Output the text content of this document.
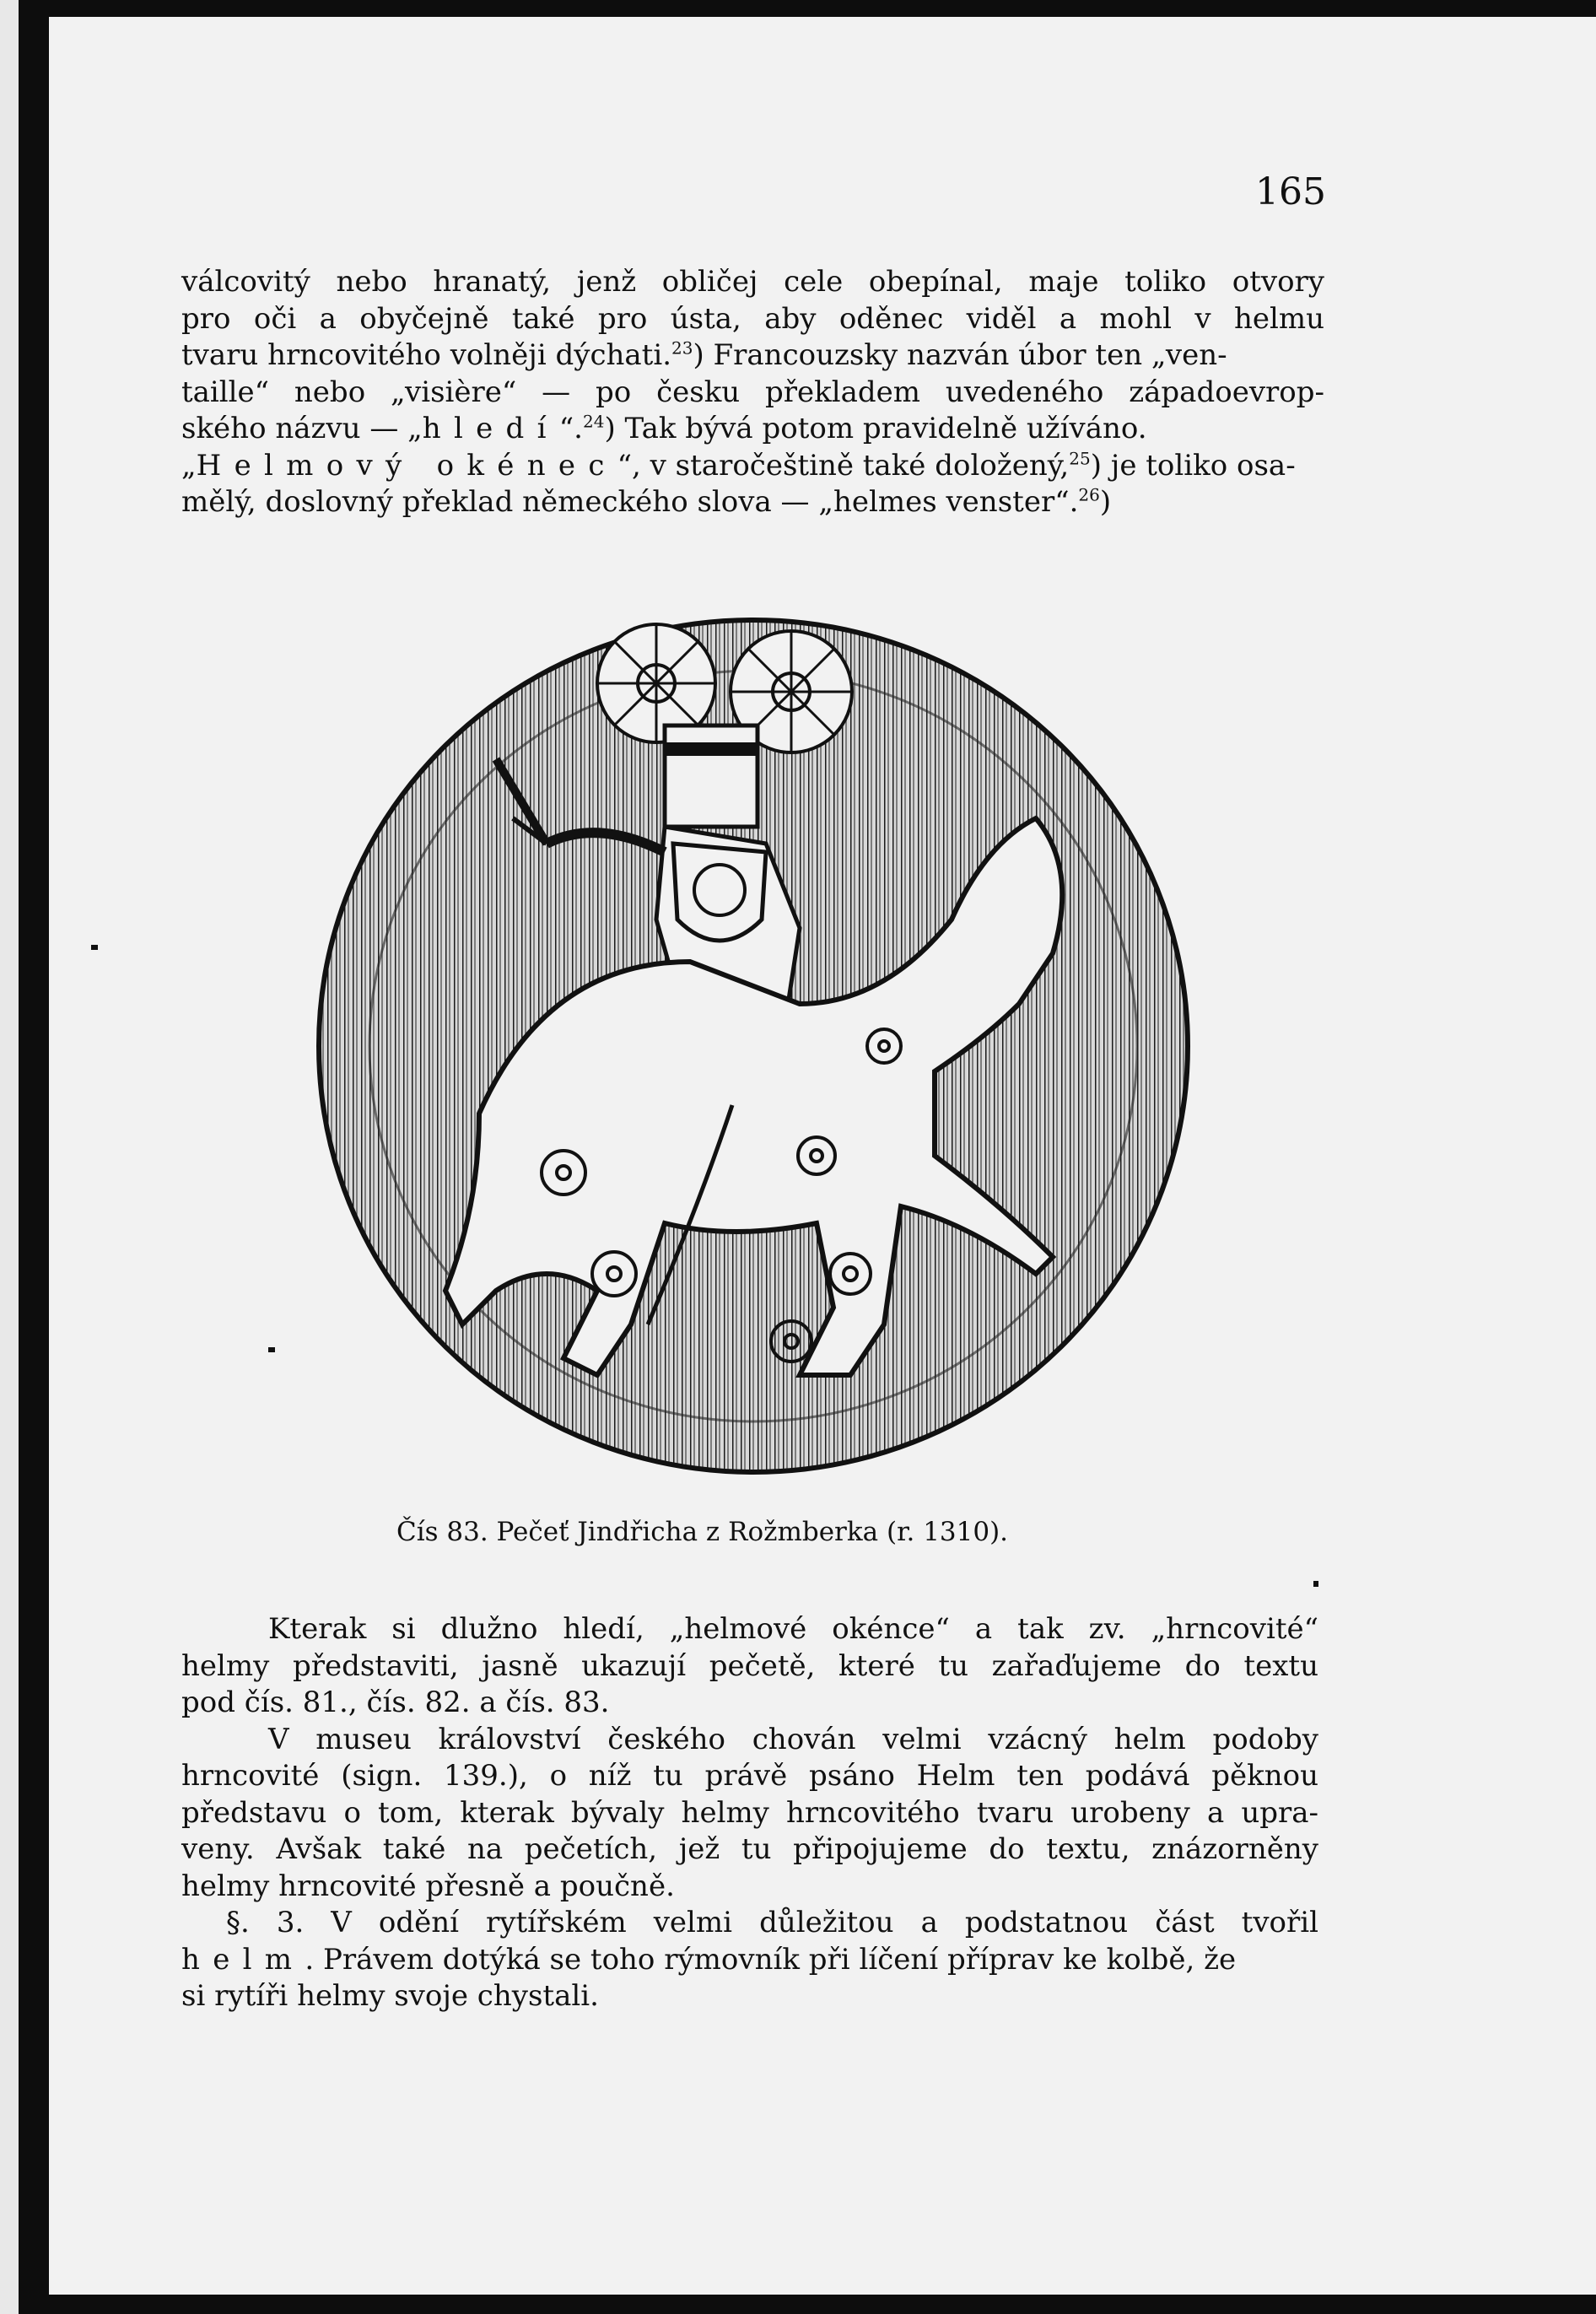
165

válcovitý nebo hranatý, jenž obličej cele obepínal, maje toliko otvory
pro oči a obyčejně také pro ústa, aby oděnec viděl a mohl v helmu
tvaru hrncovitého volněji dýchati.$^{23}$) Francouzsky nazván úbor ten „ven-
taille“ nebo „visière“ — po česku překladem uvedeného západoevrop-
ského názvu — „hledí“.$^{24}$) Tak bývá potom pravidelně užíváno.
„Helmový okénec“, v staročeštině také doložený,$^{25}$) je toliko osa-
mělý, doslovný překlad německého slova — „helmes venster“.$^{26}$)

Čís 83. Pečeť Jindřicha z Rožmberka (r. 1310).

Kterak si dlužno hledí, „helmové okénce“ a tak zv. „hrncovité“
helmy představiti, jasně ukazují pečetě, které tu zařaďujeme do textu
pod čís. 81., čís. 82. a čís. 83.
V museu království českého chován velmi vzácný helm podoby
hrncovité (sign. 139.), o níž tu právě psáno Helm ten podává pěknou
představu o tom, kterak bývaly helmy hrncovitého tvaru urobeny a upra-
veny. Avšak také na pečetích, jež tu připojujeme do textu, znázorněny
helmy hrncovité přesně a poučně.
§. 3. V odění rytířském velmi důležitou a podstatnou část tvořil
helm. Právem dotýká se toho rýmovník při líčení příprav ke kolbě, že
si rytíři helmy svoje chystali.
